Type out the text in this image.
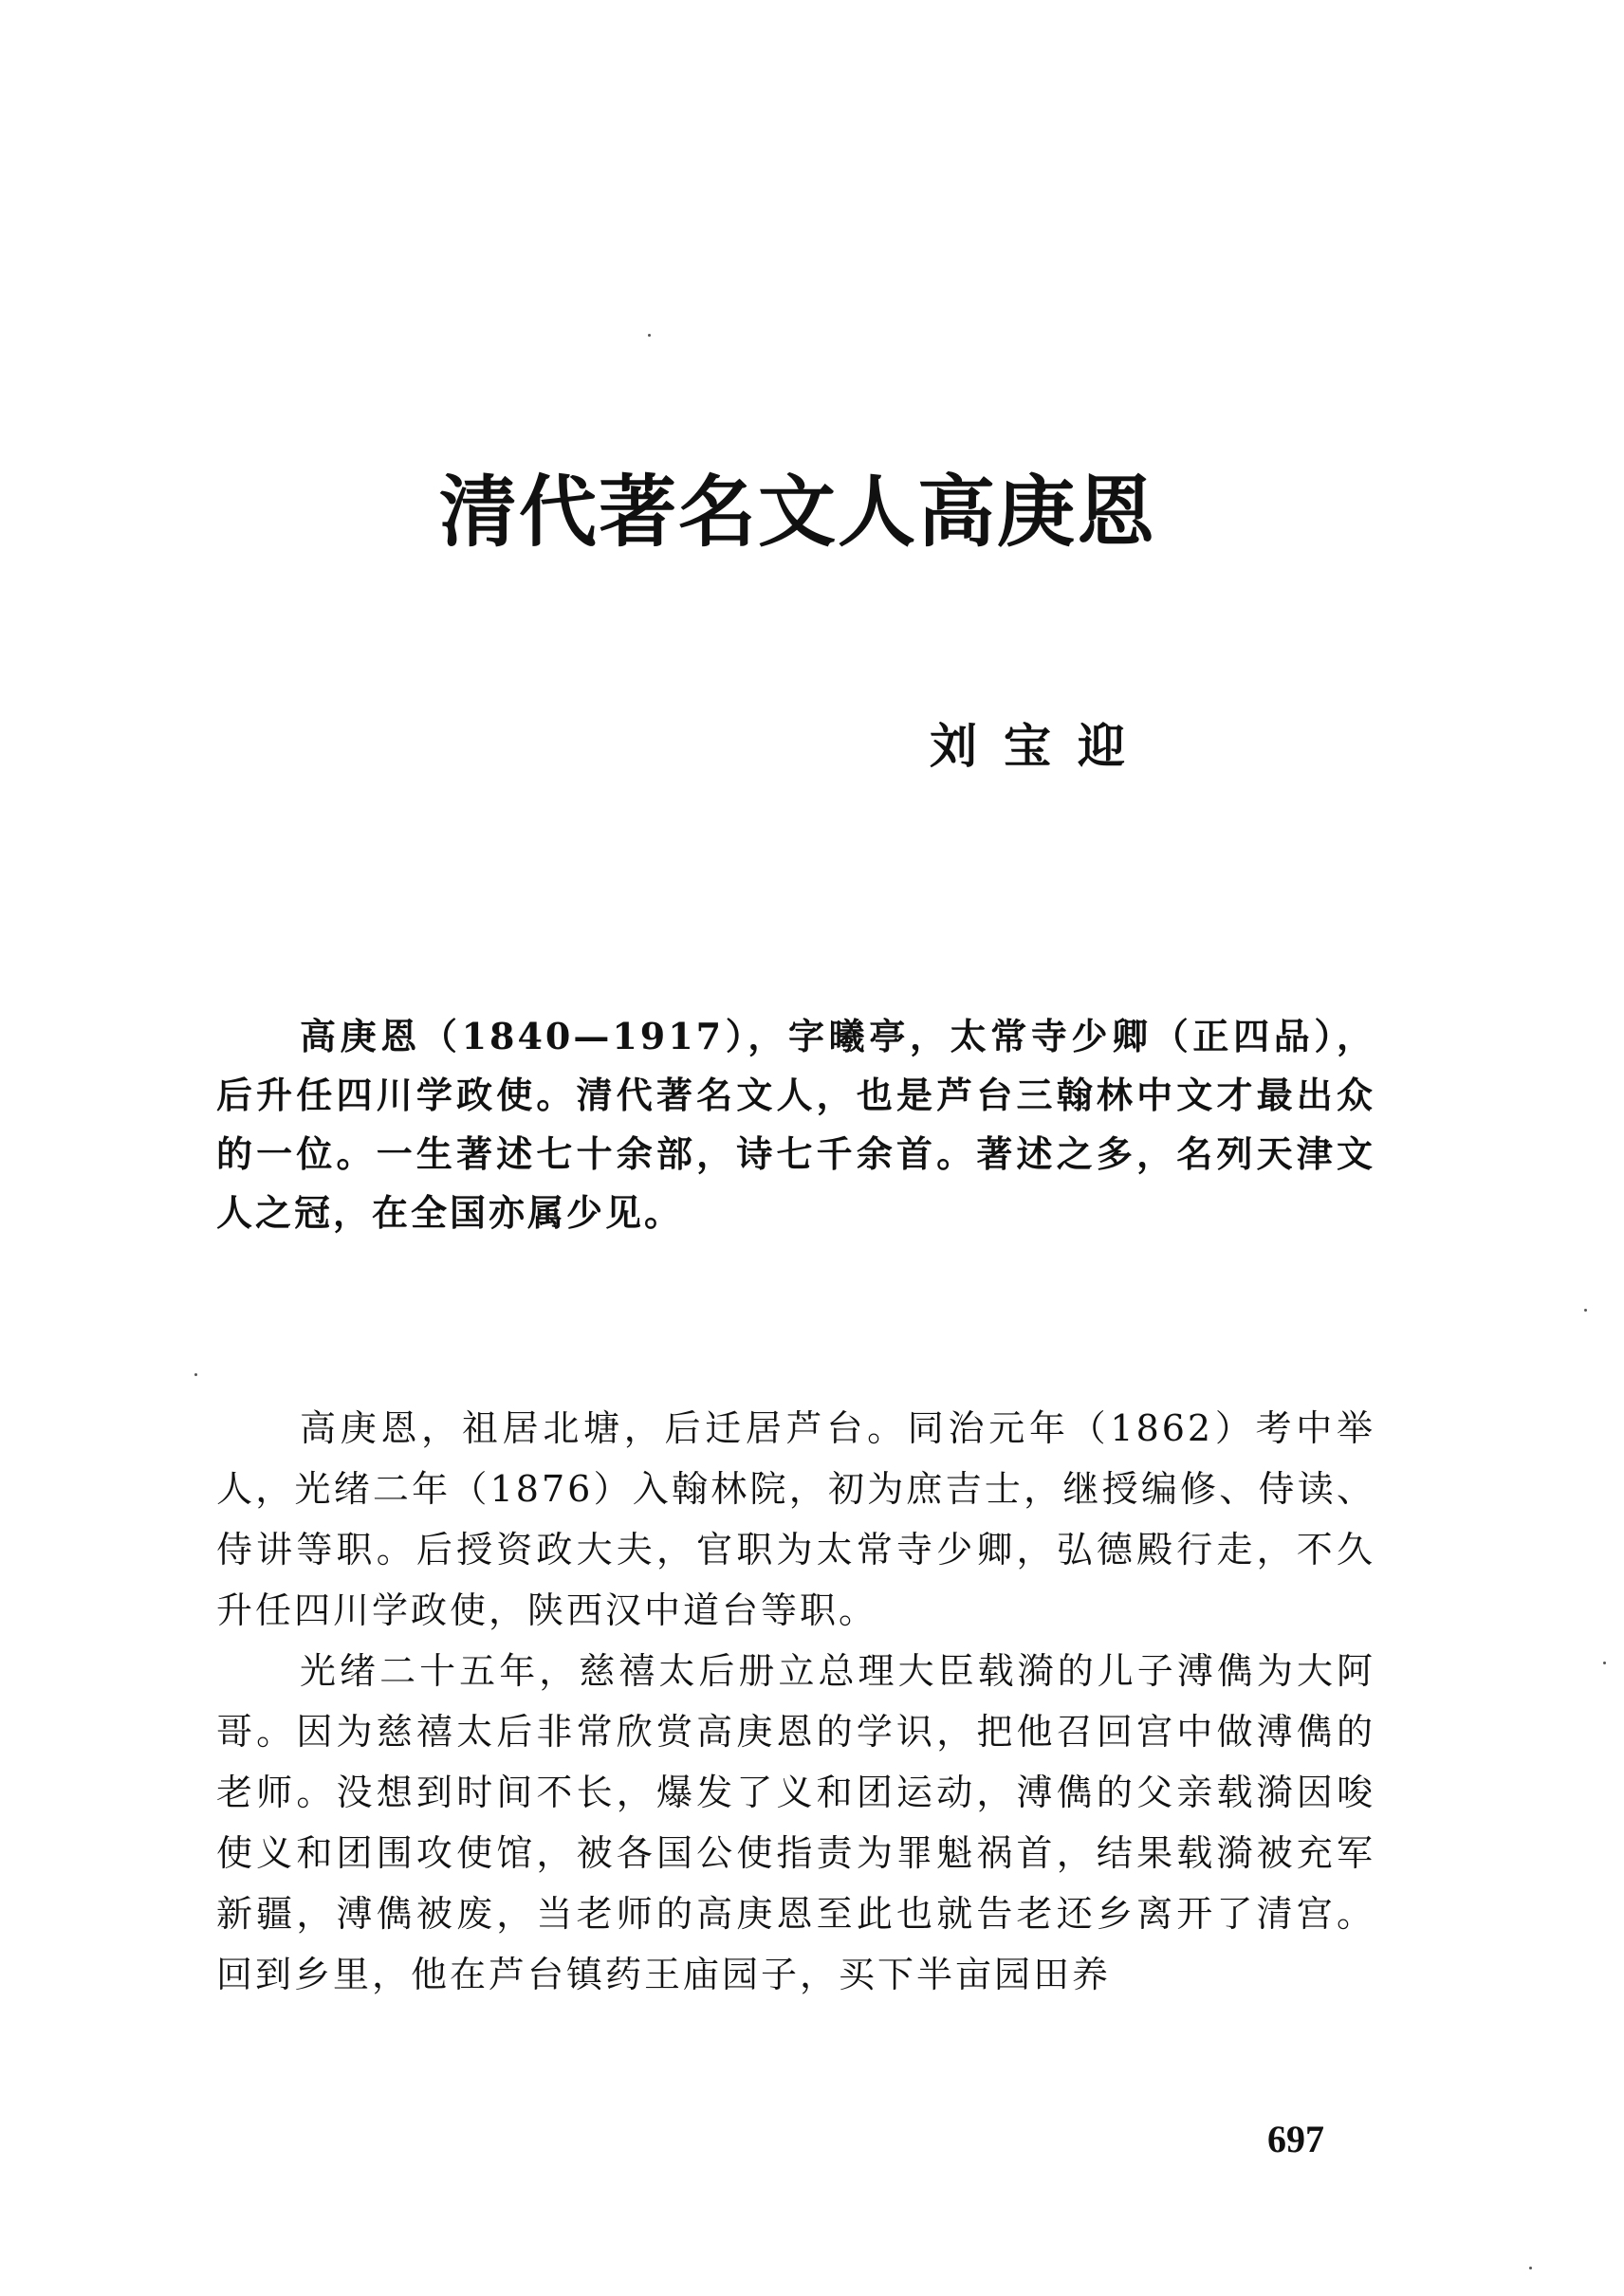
清代著名文人高庚恩
刘宝迎

高庚恩（1840—1917），字曦亭，太常寺少卿（正四品），后升任四川学政使。清代著名文人，也是芦台三翰林中文才最出众的一位。一生著述七十余部，诗七千余首。著述之多，名列天津文人之冠，在全国亦属少见。

高庚恩，祖居北塘，后迁居芦台。同治元年（1862）考中举人，光绪二年（1876）入翰林院，初为庶吉士，继授编修、侍读、侍讲等职。后授资政大夫，官职为太常寺少卿，弘德殿行走，不久升任四川学政使，陕西汉中道台等职。

光绪二十五年，慈禧太后册立总理大臣载漪的儿子溥儁为大阿哥。因为慈禧太后非常欣赏高庚恩的学识，把他召回宫中做溥儁的老师。没想到时间不长，爆发了义和团运动，溥儁的父亲载漪因唆使义和团围攻使馆，被各国公使指责为罪魁祸首，结果载漪被充军新疆，溥儁被废，当老师的高庚恩至此也就告老还乡离开了清宫。回到乡里，他在芦台镇药王庙园子，买下半亩园田养

697
